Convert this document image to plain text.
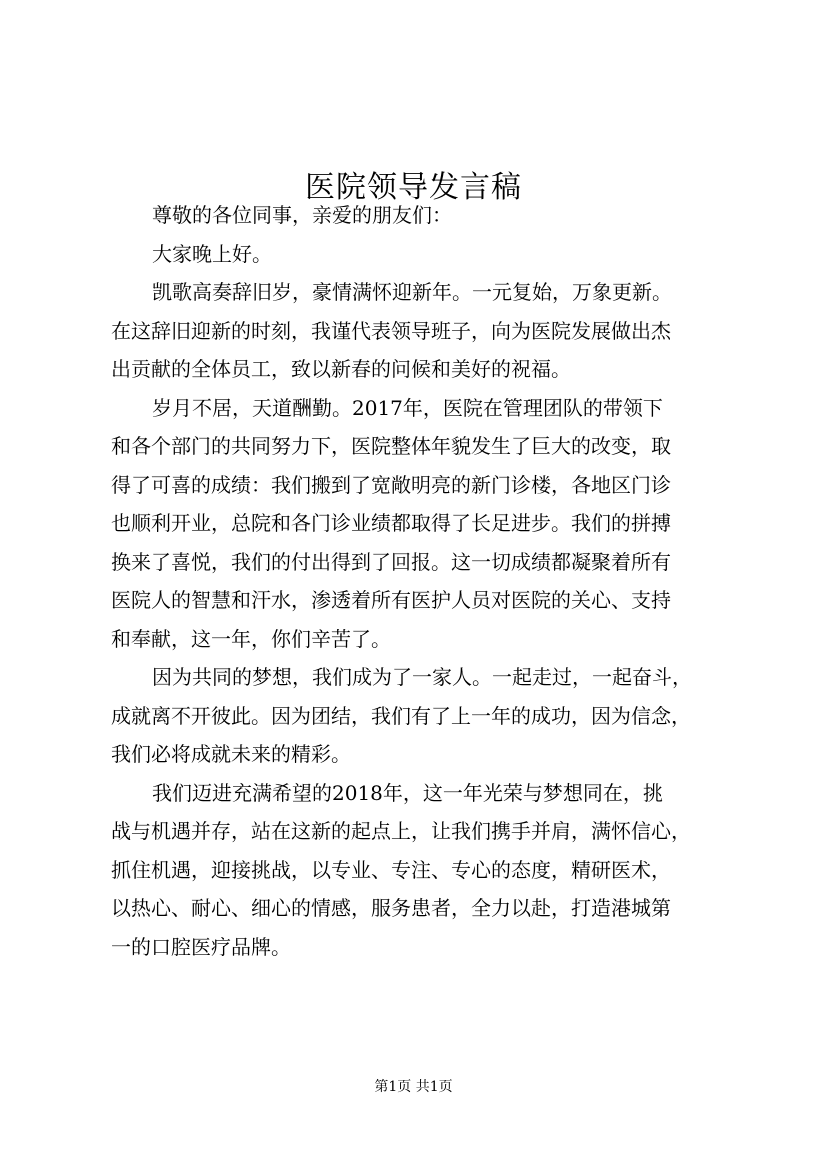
医院领导发言稿

尊敬的各位同事，亲爱的朋友们：

大家晚上好。

凯歌高奏辞旧岁，豪情满怀迎新年。一元复始，万象更新。
在这辞旧迎新的时刻，我谨代表领导班子，向为医院发展做出杰
出贡献的全体员工，致以新春的问候和美好的祝福。

岁月不居，天道酬勤。2017年，医院在管理团队的带领下
和各个部门的共同努力下，医院整体年貌发生了巨大的改变，取
得了可喜的成绩：我们搬到了宽敞明亮的新门诊楼，各地区门诊
也顺利开业，总院和各门诊业绩都取得了长足进步。我们的拼搏
换来了喜悦，我们的付出得到了回报。这一切成绩都凝聚着所有
医院人的智慧和汗水，渗透着所有医护人员对医院的关心、支持
和奉献，这一年，你们辛苦了。

因为共同的梦想，我们成为了一家人。一起走过，一起奋斗，
成就离不开彼此。因为团结，我们有了上一年的成功，因为信念，
我们必将成就未来的精彩。

我们迈进充满希望的2018年，这一年光荣与梦想同在，挑
战与机遇并存，站在这新的起点上，让我们携手并肩，满怀信心，
抓住机遇，迎接挑战，以专业、专注、专心的态度，精研医术，
以热心、耐心、细心的情感，服务患者，全力以赴，打造港城第
一的口腔医疗品牌。

第1页 共1页
